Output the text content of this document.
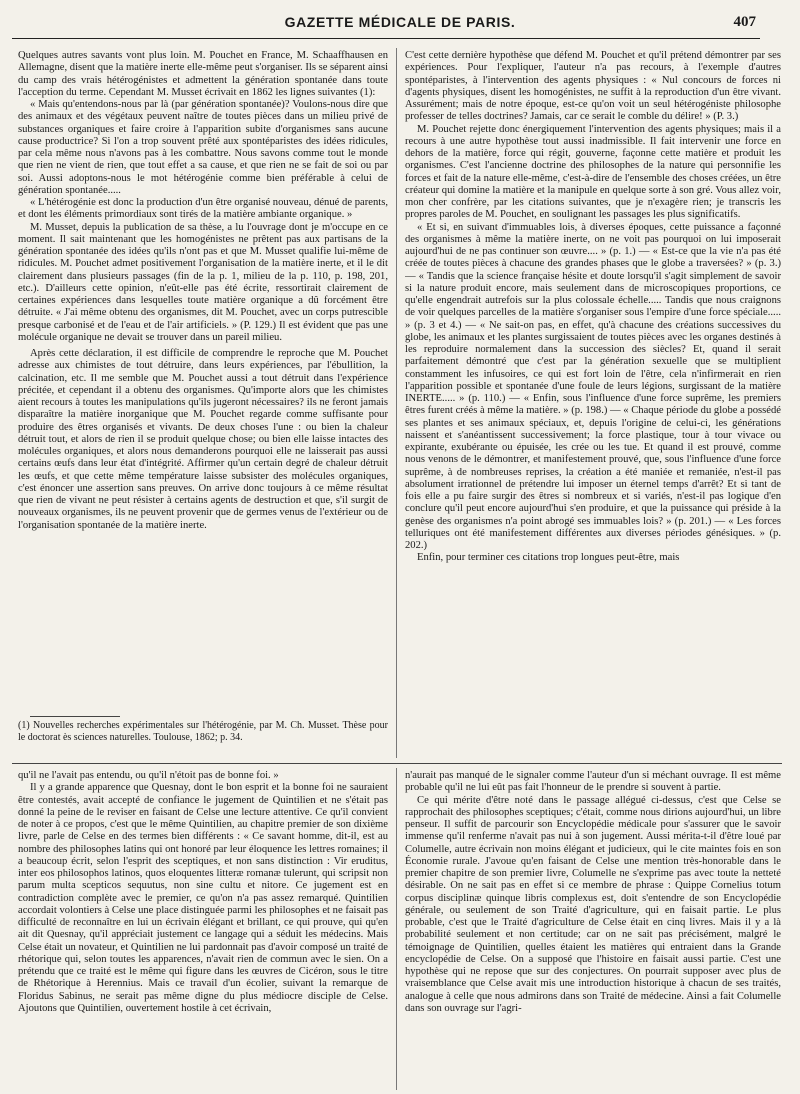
GAZETTE MÉDICALE DE PARIS.	407

Quelques autres savants vont plus loin. M. Pouchet en France, M. Schaaffhausen en Allemagne, disent que la matière inerte elle-même peut s'organiser. Ils se séparent ainsi du camp des vrais hétérogénistes et admettent la génération spontanée dans toute l'acception du terme. Cependant M. Musset écrivait en 1862 les lignes suivantes (1):

« Mais qu'entendons-nous par là (par génération spontanée)? Voulons-nous dire que des animaux et des végétaux peuvent naître de toutes pièces dans un milieu privé de substances organiques et faire croire à l'apparition subite d'organismes sans aucune cause productrice? Si l'on a trop souvent prêté aux spontéparistes des idées ridicules, par cela même nous n'avons pas à les combattre. Nous savons comme tout le monde que rien ne vient de rien, que tout effet a sa cause, et que rien ne se fait de soi ou par soi. Aussi adoptons-nous le mot hétérogénie comme bien préférable à celui de génération spontanée.....

« L'hétérogénie est donc la production d'un être organisé nouveau, dénué de parents, et dont les éléments primordiaux sont tirés de la matière ambiante organique. »

M. Musset, depuis la publication de sa thèse, a lu l'ouvrage dont je m'occupe en ce moment. Il sait maintenant que les homogénistes ne prêtent pas aux partisans de la génération spontanée des idées qu'ils n'ont pas et que M. Musset qualifie lui-même de ridicules. M. Pouchet admet positivement l'organisation de la matière inerte, et il le dit clairement dans plusieurs passages (fin de la p. 1, milieu de la p. 110, p. 198, 201, etc.). D'ailleurs cette opinion, n'eût-elle pas été écrite, ressortirait clairement de certaines expériences dans lesquelles toute matière organique a dû forcément être détruite. « J'ai même obtenu des organismes, dit M. Pouchet, avec un corps putrescible presque carbonisé et de l'eau et de l'air artificiels. » (P. 129.) Il est évident que pas une molécule organique ne devait se trouver dans un pareil milieu.

Après cette déclaration, il est difficile de comprendre le reproche que M. Pouchet adresse aux chimistes de tout détruire, dans leurs expériences, par l'ébullition, la calcination, etc. Il me semble que M. Pouchet aussi a tout détruit dans l'expérience précitée, et cependant il a obtenu des organismes. Qu'importe alors que les chimistes aient recours à toutes les manipulations qu'ils jugeront nécessaires? ils ne feront jamais disparaître la matière inorganique que M. Pouchet regarde comme suffisante pour produire des êtres organisés et vivants. De deux choses l'une : ou bien la chaleur détruit tout, et alors de rien il se produit quelque chose; ou bien elle laisse intactes des molécules organiques, et alors nous demanderons pourquoi elle ne laisserait pas aussi certains œufs dans leur état d'intégrité. Affirmer qu'un certain degré de chaleur détruit les œufs, et que cette même température laisse subsister des molécules organiques, c'est énoncer une assertion sans preuves. On arrive donc toujours à ce même résultat que rien de vivant ne peut résister à certains agents de destruction et que, s'il surgit de nouveaux organismes, ils ne peuvent provenir que de germes venus de l'extérieur ou de l'organisation spontanée de la matière inerte.

(1) Nouvelles recherches expérimentales sur l'hétérogénie, par M. Ch. Musset. Thèse pour le doctorat ès sciences naturelles. Toulouse, 1862; p. 34.

C'est cette dernière hypothèse que défend M. Pouchet et qu'il prétend démontrer par ses expériences. Pour l'expliquer, l'auteur n'a pas recours, à l'exemple d'autres spontéparistes, à l'intervention des agents physiques : « Nul concours de forces ni d'agents physiques, disent les homogénistes, ne suffit à la reproduction d'un être vivant. Assurément; mais de notre époque, est-ce qu'on voit un seul hétérogéniste philosophe professer de telles doctrines? Jamais, car ce serait le comble du délire! » (P. 3.)

M. Pouchet rejette donc énergiquement l'intervention des agents physiques; mais il a recours à une autre hypothèse tout aussi inadmissible. Il fait intervenir une force en dehors de la matière, force qui régit, gouverne, façonne cette matière et produit les organismes. C'est l'ancienne doctrine des philosophes de la nature qui personnifie les forces et fait de la nature elle-même, c'est-à-dire de l'ensemble des choses créées, un être créateur qui domine la matière et la manipule en quelque sorte à son gré. Vous allez voir, mon cher confrère, par les citations suivantes, que je n'exagère rien; je transcris les propres paroles de M. Pouchet, en soulignant les passages les plus significatifs.

« Et si, en suivant d'immuables lois, à diverses époques, cette puissance a façonné des organismes à même la matière inerte, on ne voit pas pourquoi on lui imposerait aujourd'hui de ne pas continuer son œuvre.... » (p. 1.) — « Est-ce que la vie n'a pas été créée de toutes pièces à chacune des grandes phases que le globe a traversées? » (p. 3.) — « Tandis que la science française hésite et doute lorsqu'il s'agit simplement de savoir si la nature produit encore, mais seulement dans de microscopiques proportions, ce qu'elle engendrait autrefois sur la plus colossale échelle..... Tandis que nous craignons de voir quelques parcelles de la matière s'organiser sous l'empire d'une force spéciale..... » (p. 3 et 4.) — « Ne sait-on pas, en effet, qu'à chacune des créations successives du globe, les animaux et les plantes surgissaient de toutes pièces avec les organes destinés à les reproduire normalement dans la succession des siècles? Et, quand il serait parfaitement démontré que c'est par la génération sexuelle que se multiplient constamment les infusoires, ce qui est fort loin de l'être, cela n'infirmerait en rien l'apparition possible et spontanée d'une foule de leurs légions, surgissant de la matière INERTE..... » (p. 110.) — « Enfin, sous l'influence d'une force suprême, les premiers êtres furent créés à même la matière. » (p. 198.) — « Chaque période du globe a possédé ses plantes et ses animaux spéciaux, et, depuis l'origine de celui-ci, les générations naissent et s'anéantissent successivement; la force plastique, tour à tour vivace ou expirante, exubérante ou épuisée, les crée ou les tue. Et quand il est prouvé, comme nous venons de le démontrer, et manifestement prouvé, que, sous l'influence d'une force suprême, à de nombreuses reprises, la création a été maniée et remaniée, n'est-il pas absolument irrationnel de prétendre lui imposer un éternel temps d'arrêt? Et si tant de fois elle a pu faire surgir des êtres si nombreux et si variés, n'est-il pas logique d'en conclure qu'il peut encore aujourd'hui s'en produire, et que la puissance qui préside à la genèse des organismes n'a point abrogé ses immuables lois? » (p. 201.) — « Les forces telluriques ont été manifestement différentes aux diverses périodes génésiques. » (p. 202.)

Enfin, pour terminer ces citations trop longues peut-être, mais

qu'il ne l'avait pas entendu, ou qu'il n'étoit pas de bonne foi. »

Il y a grande apparence que Quesnay, dont le bon esprit et la bonne foi ne sauraient être contestés, avait accepté de confiance le jugement de Quintilien et ne s'était pas donné la peine de le reviser en faisant de Celse une lecture attentive. Ce qu'il convient de noter à ce propos, c'est que le même Quintilien, au chapitre premier de son dixième livre, parle de Celse en des termes bien différents : « Ce savant homme, dit-il, est au nombre des philosophes latins qui ont honoré par leur éloquence les lettres romaines; il a beaucoup écrit, selon l'esprit des sceptiques, et non sans distinction : Vir eruditus, inter eos philosophos latinos, quos eloquentes litteræ romanæ tulerunt, qui scripsit non parum multa scepticos sequutus, non sine cultu et nitore. Ce jugement est en contradiction complète avec le premier, ce qu'on n'a pas assez remarqué. Quintilien accordait volontiers à Celse une place distinguée parmi les philosophes et ne faisait pas difficulté de reconnaître en lui un écrivain élégant et brillant, ce qui prouve, qui qu'en ait dit Quesnay, qu'il appréciait justement ce langage qui a séduit les médecins. Mais Celse était un novateur, et Quintilien ne lui pardonnait pas d'avoir composé un traité de rhétorique qui, selon toutes les apparences, n'avait rien de commun avec le sien. On a prétendu que ce traité est le même qui figure dans les œuvres de Cicéron, sous le titre de Rhétorique à Herennius. Mais ce travail d'un écolier, suivant la remarque de Floridus Sabinus, ne serait pas même digne du plus médiocre disciple de Celse. Ajoutons que Quintilien, ouvertement hostile à cet écrivain,

n'aurait pas manqué de le signaler comme l'auteur d'un si méchant ouvrage. Il est même probable qu'il ne lui eût pas fait l'honneur de le prendre si souvent à partie.

Ce qui mérite d'être noté dans le passage allégué ci-dessus, c'est que Celse se rapprochait des philosophes sceptiques; c'était, comme nous dirions aujourd'hui, un libre penseur. Il suffit de parcourir son Encyclopédie médicale pour s'assurer que le savoir immense qu'il renferme n'avait pas nui à son jugement. Aussi mérita-t-il d'être loué par Columelle, autre écrivain non moins élégant et judicieux, qui le cite maintes fois en son Économie rurale. J'avoue qu'en faisant de Celse une mention très-honorable dans le premier chapitre de son premier livre, Columelle ne s'exprime pas avec toute la netteté désirable. On ne sait pas en effet si ce membre de phrase : Quippe Cornelius totum corpus disciplinæ quinque libris complexus est, doit s'entendre de son Encyclopédie générale, ou seulement de son Traité d'agriculture, qui en faisait partie. Le plus probable, c'est que le Traité d'agriculture de Celse était en cinq livres. Mais il y a là probabilité seulement et non certitude; car on ne sait pas précisément, malgré le témoignage de Quintilien, quelles étaient les matières qui entraient dans la Grande encyclopédie de Celse. On a supposé que l'histoire en faisait aussi partie. C'est une hypothèse qui ne repose que sur des conjectures. On pourrait supposer avec plus de vraisemblance que Celse avait mis une introduction historique à chacun de ses traités, analogue à celle que nous admirons dans son Traité de médecine. Ainsi a fait Columelle dans son ouvrage sur l'agri-
